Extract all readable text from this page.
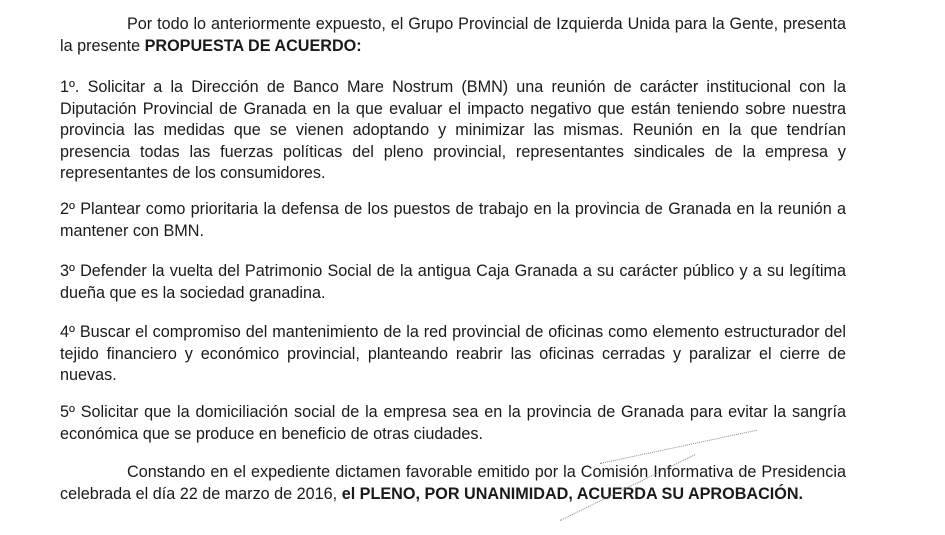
Por todo lo anteriormente expuesto, el Grupo Provincial de Izquierda Unida para la Gente, presenta la presente PROPUESTA DE ACUERDO:

1º. Solicitar a la Dirección de Banco Mare Nostrum (BMN) una reunión de carácter institucional con la Diputación Provincial de Granada en la que evaluar el impacto negativo que están teniendo sobre nuestra provincia las medidas que se vienen adoptando y minimizar las mismas. Reunión en la que tendrían presencia todas las fuerzas políticas del pleno provincial, representantes sindicales de la empresa y representantes de los consumidores.

2º Plantear como prioritaria la defensa de los puestos de trabajo en la provincia de Granada en la reunión a mantener con BMN.

3º Defender la vuelta del Patrimonio Social de la antigua Caja Granada a su carácter público y a su legítima dueña que es la sociedad granadina.

4º Buscar el compromiso del mantenimiento de la red provincial de oficinas como elemento estructurador del tejido financiero y económico provincial, planteando reabrir las oficinas cerradas y paralizar el cierre de nuevas.

5º Solicitar que la domiciliación social de la empresa sea en la provincia de Granada para evitar la sangría económica que se produce en beneficio de otras ciudades.

Constando en el expediente dictamen favorable emitido por la Comisión Informativa de Presidencia celebrada el día 22 de marzo de 2016, el PLENO, POR UNANIMIDAD, ACUERDA SU APROBACIÓN.
